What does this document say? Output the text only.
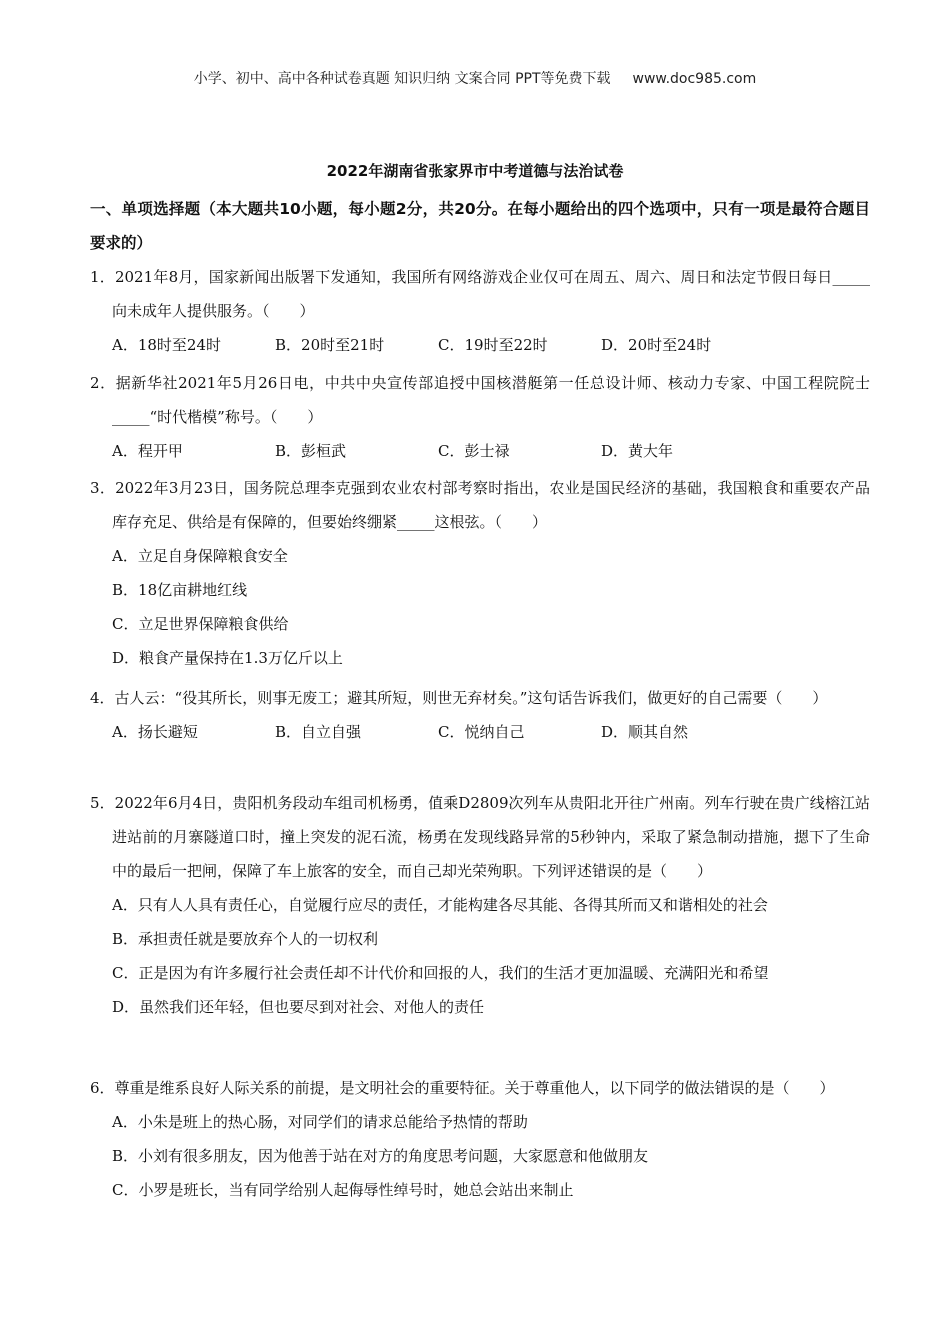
小学、初中、高中各种试卷真题 知识归纳 文案合同 PPT等免费下载 www.doc985.com
2022年湖南省张家界市中考道德与法治试卷
一、单项选择题（本大题共10小题，每小题2分，共20分。在每小题给出的四个选项中，只有一项是最符合题目要求的）
1．2021年8月，国家新闻出版署下发通知，我国所有网络游戏企业仅可在周五、周六、周日和法定节假日每日_____向未成年人提供服务。（　　）
A．18时至24时	B．20时至21时	C．19时至22时	D．20时至24时
2．据新华社2021年5月26日电，中共中央宣传部追授中国核潜艇第一任总设计师、核动力专家、中国工程院院士_____“时代楷模”称号。（　　）
A．程开甲	B．彭桓武	C．彭士禄	D．黄大年
3．2022年3月23日，国务院总理李克强到农业农村部考察时指出，农业是国民经济的基础，我国粮食和重要农产品库存充足、供给是有保障的，但要始终绷紧_____这根弦。（　　）
A．立足自身保障粮食安全
B．18亿亩耕地红线
C．立足世界保障粮食供给
D．粮食产量保持在1.3万亿斤以上
4．古人云：“役其所长，则事无废工；避其所短，则世无弃材矣。”这句话告诉我们，做更好的自己需要（　　）
A．扬长避短	B．自立自强	C．悦纳自己	D．顺其自然
5．2022年6月4日，贵阳机务段动车组司机杨勇，值乘D2809次列车从贵阳北开往广州南。列车行驶在贵广线榕江站进站前的月寨隧道口时，撞上突发的泥石流，杨勇在发现线路异常的5秒钟内，采取了紧急制动措施，摁下了生命中的最后一把闸，保障了车上旅客的安全，而自己却光荣殉职。下列评述错误的是（　　）
A．只有人人具有责任心，自觉履行应尽的责任，才能构建各尽其能、各得其所而又和谐相处的社会
B．承担责任就是要放弃个人的一切权利
C．正是因为有许多履行社会责任却不计代价和回报的人，我们的生活才更加温暖、充满阳光和希望
D．虽然我们还年轻，但也要尽到对社会、对他人的责任
6．尊重是维系良好人际关系的前提，是文明社会的重要特征。关于尊重他人，以下同学的做法错误的是（　　）
A．小朱是班上的热心肠，对同学们的请求总能给予热情的帮助
B．小刘有很多朋友，因为他善于站在对方的角度思考问题，大家愿意和他做朋友
C．小罗是班长，当有同学给别人起侮辱性绰号时，她总会站出来制止
